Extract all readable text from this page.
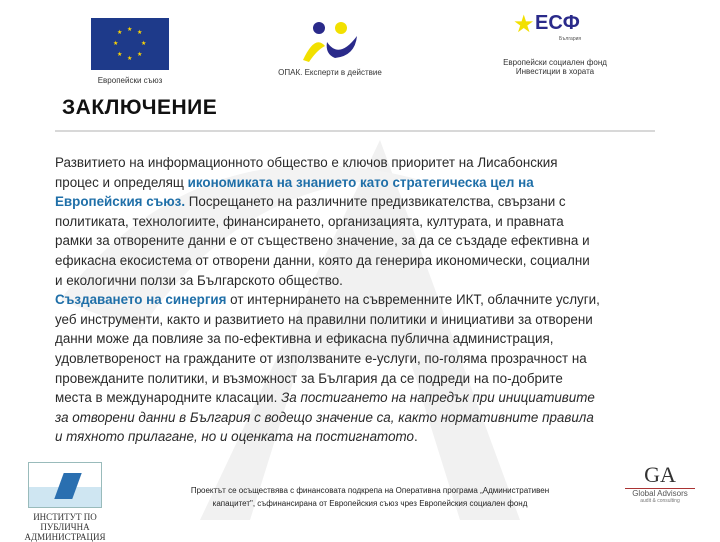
★ ★
★
★
★
★
★
★
Европейски съюз
ОПАК. Експерти в действие
★ ЕСФ
България
Европейски социален фонд
Инвестиции в хората
ЗАКЛЮЧЕНИЕ
Развитието на информационното общество е ключов приоритет на Лисабонския
процес и определящ икономиката на знанието като стратегическа цел на
Европейския съюз. Посрещането на различните предизвикателства, свързани с
политиката, технологиите, финансирането, организацията, културата, и правната
рамки за отворените данни е от съществено значение, за да се създаде ефективна и
ефикасна екосистема от отворени данни, която да генерира икономически, социални
и екологични ползи за Българското общество.
Създаването на синергия от интернирането на съвременните ИКТ, облачните услуги,
уеб инструменти, както и развитието на правилни политики и инициативи за отворени
данни може да повлияе за по-ефективна и ефикасна публична администрация,
удовлетвореност на гражданите от използваните е-услуги, по-голяма прозрачност на
провежданите политики, и възможност за България да се подреди на по-добрите
места в международните класации. За постигането на напредък при инициативите
за отворени данни в България с водещо значение са, както нормативните правила
и тяхното прилагане, но и оценката на постигнатото.
ИНСТИТУТ ПО ПУБЛИЧНА
АДМИНИСТРАЦИЯ
Проектът се осъществява с финансовата подкрепа на Оперативна програма „Административен
капацитет", съфинансирана от Европейския съюз чрез Европейския социален фонд
GA
Global Advisors
audit & consulting
